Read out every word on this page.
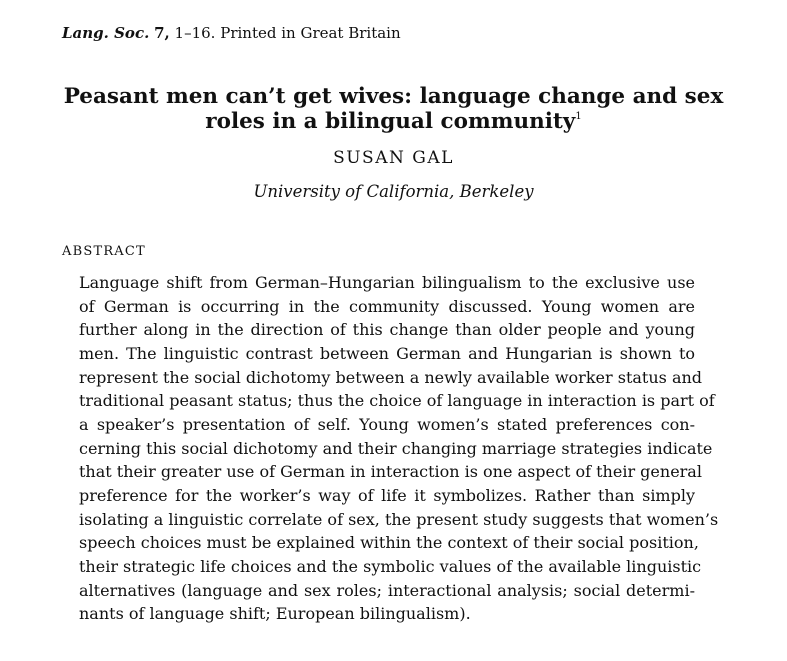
Lang. Soc. 7, 1–16. Printed in Great Britain
Peasant men can’t get wives: language change and sex
roles in a bilingual community$^1$
SUSAN GAL
University of California, Berkeley
ABSTRACT
Language shift from German–Hungarian bilingualism to the exclusive use
of German is occurring in the community discussed. Young women are
further along in the direction of this change than older people and young
men. The linguistic contrast between German and Hungarian is shown to
represent the social dichotomy between a newly available worker status and
traditional peasant status; thus the choice of language in interaction is part of
a speaker’s presentation of self. Young women’s stated preferences con-
cerning this social dichotomy and their changing marriage strategies indicate
that their greater use of German in interaction is one aspect of their general
preference for the worker’s way of life it symbolizes. Rather than simply
isolating a linguistic correlate of sex, the present study suggests that women’s
speech choices must be explained within the context of their social position,
their strategic life choices and the symbolic values of the available linguistic
alternatives (language and sex roles; interactional analysis; social determi-
nants of language shift; European bilingualism).
